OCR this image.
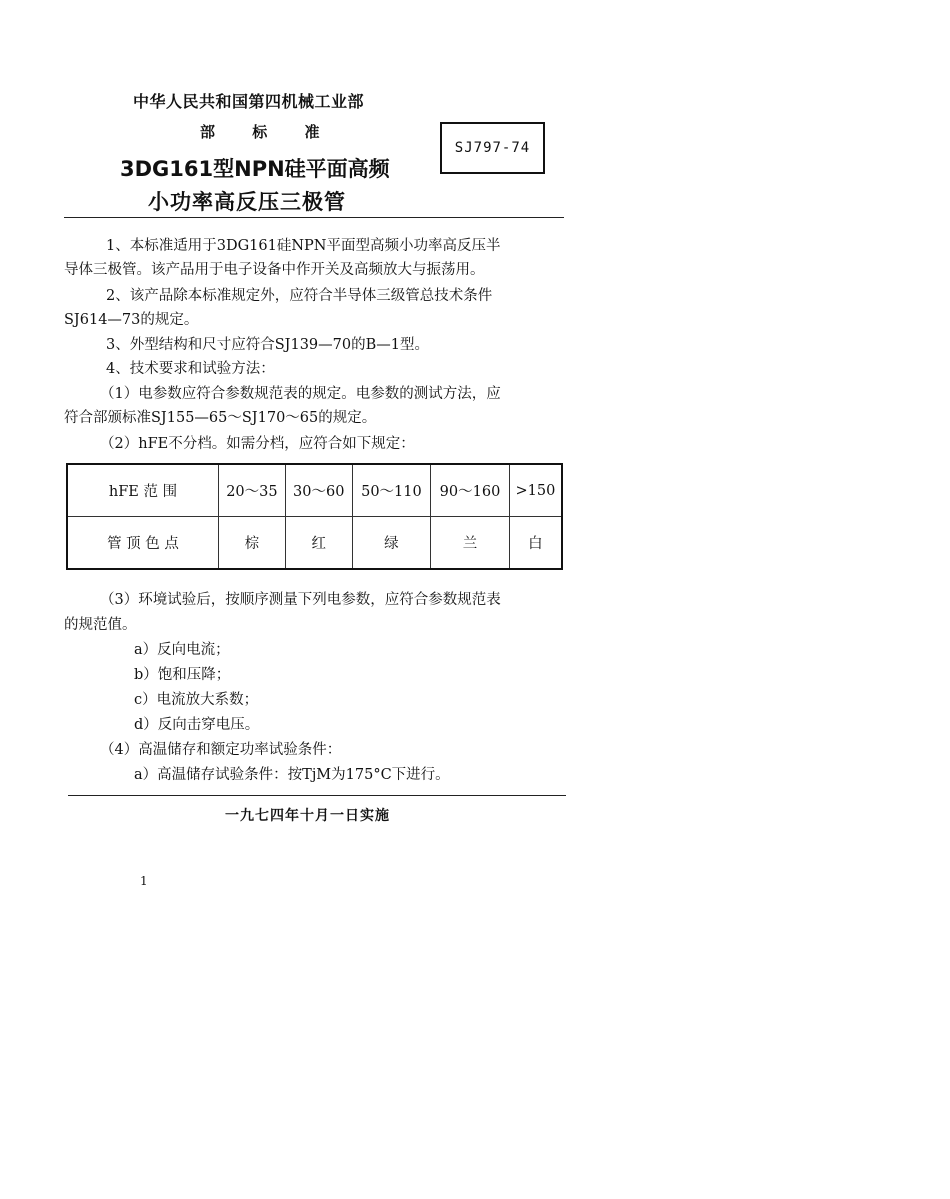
中华人民共和国第四机械工业部
部 标 准
SJ797-74
3DG161型NPN硅平面高频
小功率高反压三极管
1、本标准适用于3DG161硅NPN平面型高频小功率高反压半
导体三极管。该产品用于电子设备中作开关及高频放大与振荡用。
2、该产品除本标准规定外，应符合半导体三级管总技术条件
SJ614—73的规定。
3、外型结构和尺寸应符合SJ139—70的B—1型。
4、技术要求和试验方法：
（1）电参数应符合参数规范表的规定。电参数的测试方法，应
符合部颁标准SJ155—65～SJ170～65的规定。
（2）hFE不分档。如需分档，应符合如下规定：
hFE 范 围	20～35	30～60	50～110	90～160	>150
管 顶 色 点	棕	红	绿	兰	白
（3）环境试验后，按顺序测量下列电参数，应符合参数规范表
的规范值。
a）反向电流；
b）饱和压降；
c）电流放大系数；
d）反向击穿电压。
（4）高温储存和额定功率试验条件：
a）高温储存试验条件：按TjM为175°C下进行。
一九七四年十月一日实施
1
